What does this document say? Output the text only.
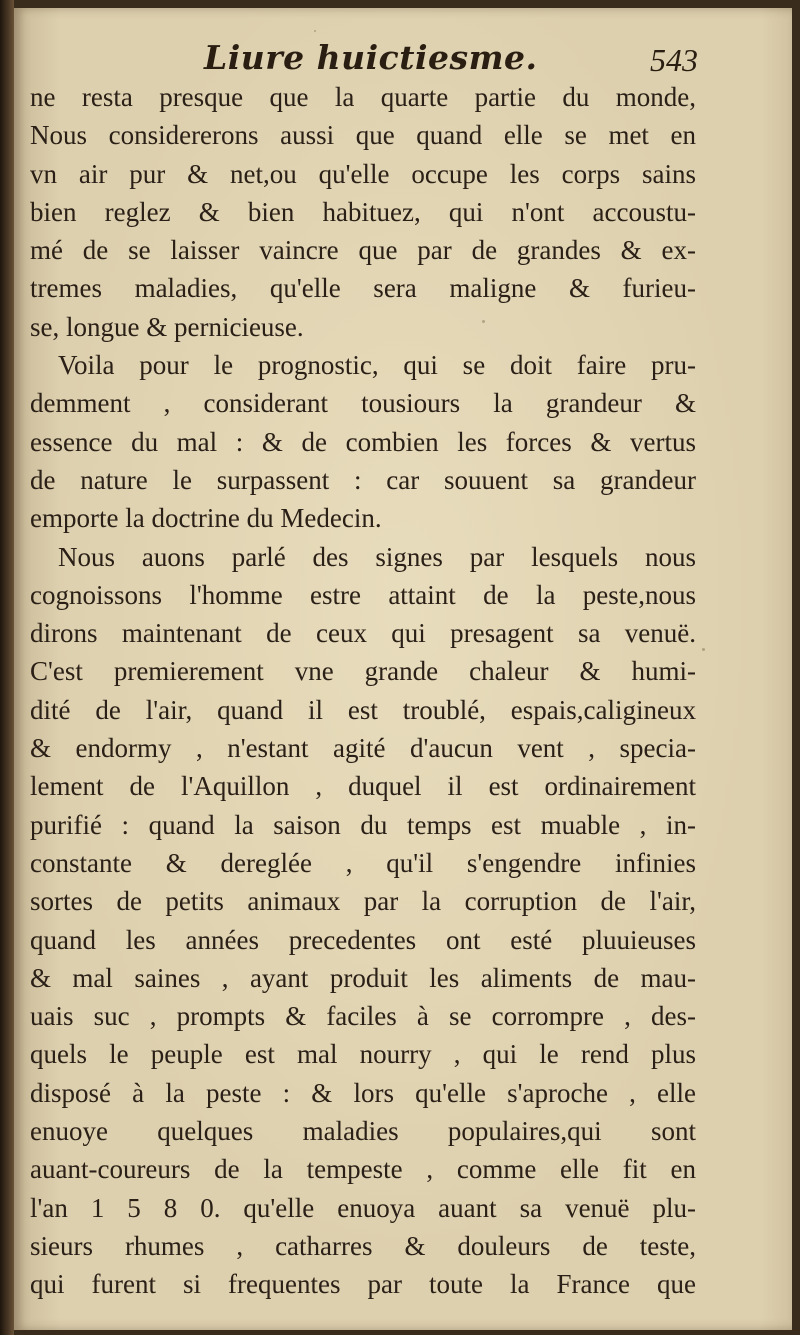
Liure huictiesme.	543
ne resta presque que la quarte partie du monde,
Nous considererons aussi que quand elle se met en
vn air pur & net,ou qu'elle occupe les corps sains
bien reglez & bien habituez, qui n'ont accoustu-
mé de se laisser vaincre que par de grandes & ex-
tremes maladies, qu'elle sera maligne & furieu-
se, longue & pernicieuse.
Voila pour le prognostic, qui se doit faire pru-
demment , considerant tousiours la grandeur &
essence du mal : & de combien les forces & vertus
de nature le surpassent : car souuent sa grandeur
emporte la doctrine du Medecin.
Nous auons parlé des signes par lesquels nous
cognoissons l'homme estre attaint de la peste,nous
dirons maintenant de ceux qui presagent sa venuë.
C'est premierement vne grande chaleur & humi-
dité de l'air, quand il est troublé, espais,caligineux
& endormy , n'estant agité d'aucun vent , specia-
lement de l'Aquillon , duquel il est ordinairement
purifié : quand la saison du temps est muable , in-
constante & dereglée , qu'il s'engendre infinies
sortes de petits animaux par la corruption de l'air,
quand les années precedentes ont esté pluuieuses
& mal saines , ayant produit les aliments de mau-
uais suc , prompts & faciles à se corrompre , des-
quels le peuple est mal nourry , qui le rend plus
disposé à la peste : & lors qu'elle s'aproche , elle
enuoye quelques maladies populaires,qui sont
auant-coureurs de la tempeste , comme elle fit en
l'an 1 5 8 0. qu'elle enuoya auant sa venuë plu-
sieurs rhumes , catharres & douleurs de teste,
qui furent si frequentes par toute la France que
